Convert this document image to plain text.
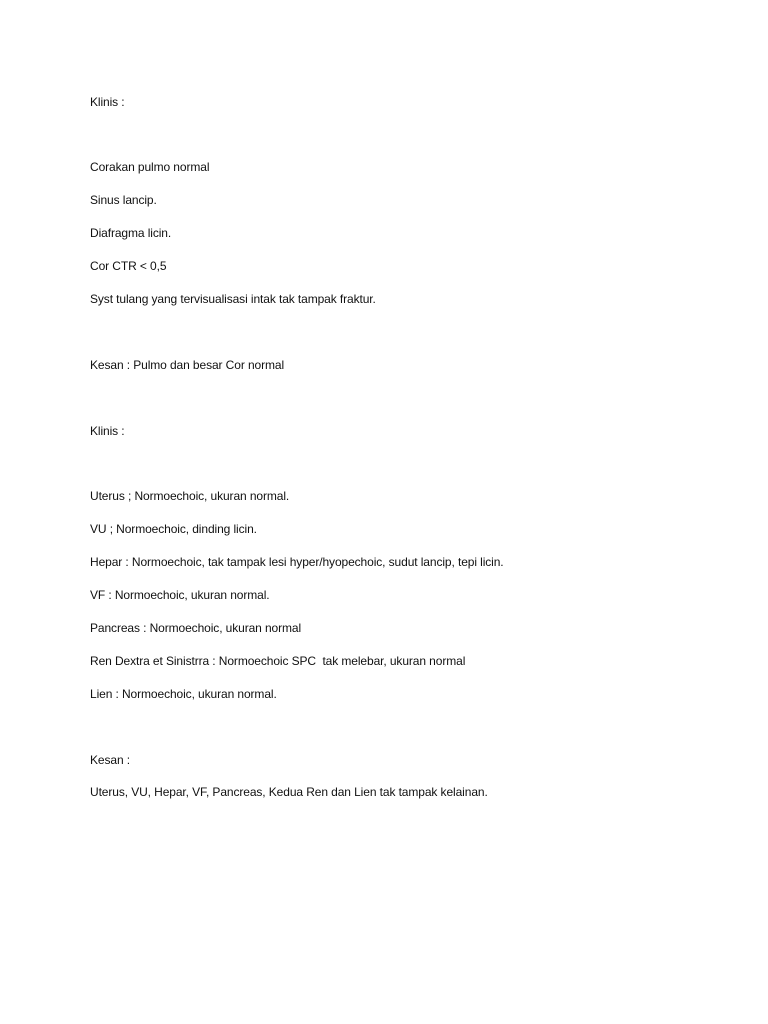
Klinis :
Corakan pulmo normal
Sinus lancip.
Diafragma licin.
Cor CTR < 0,5
Syst tulang yang tervisualisasi intak tak tampak fraktur.
Kesan : Pulmo dan besar Cor normal
Klinis :
Uterus ; Normoechoic, ukuran normal.
VU ; Normoechoic, dinding licin.
Hepar : Normoechoic, tak tampak lesi hyper/hyopechoic, sudut lancip, tepi licin.
VF : Normoechoic, ukuran normal.
Pancreas : Normoechoic, ukuran normal
Ren Dextra et Sinistrra : Normoechoic SPC  tak melebar, ukuran normal
Lien : Normoechoic, ukuran normal.
Kesan :
Uterus, VU, Hepar, VF, Pancreas, Kedua Ren dan Lien tak tampak kelainan.
